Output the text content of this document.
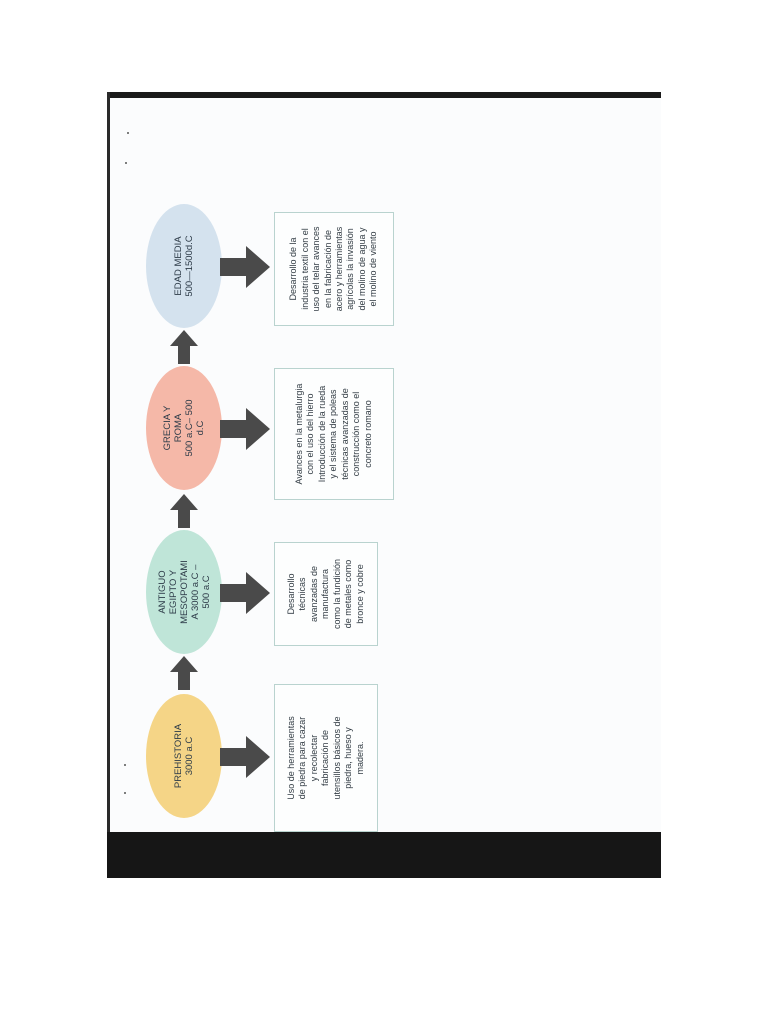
PREHISTORIA
3000 a.C
Uso de herramientas
de piedra para cazar
y recolectar
fabricación de
utensillos básicos de
piedra, hueso y
madera.
ANTIGUO
EGIPTO Y
MESOPOTAMI
A 3000 a.C –
500 a.C	Desarrollo
técnicas
avanzadas de
manufactura
como la fundición
de metales como
bronce y cobre
GRECIA Y
ROMA
500 a.C– 500
d.C
Avances en la metalurgia
con el uso del hierro
Introducción de la rueda
y el sistema de poleas
técnicas avanzadas de
construcción como el
concreto romano
EDAD MEDIA
500—1500d.C	Desarrollo de la
industria textil con el
uso del telar avances
en la fabricación de
acero y herramientas
agrícolas la invasión
del molino de agua y
el molino de viento
